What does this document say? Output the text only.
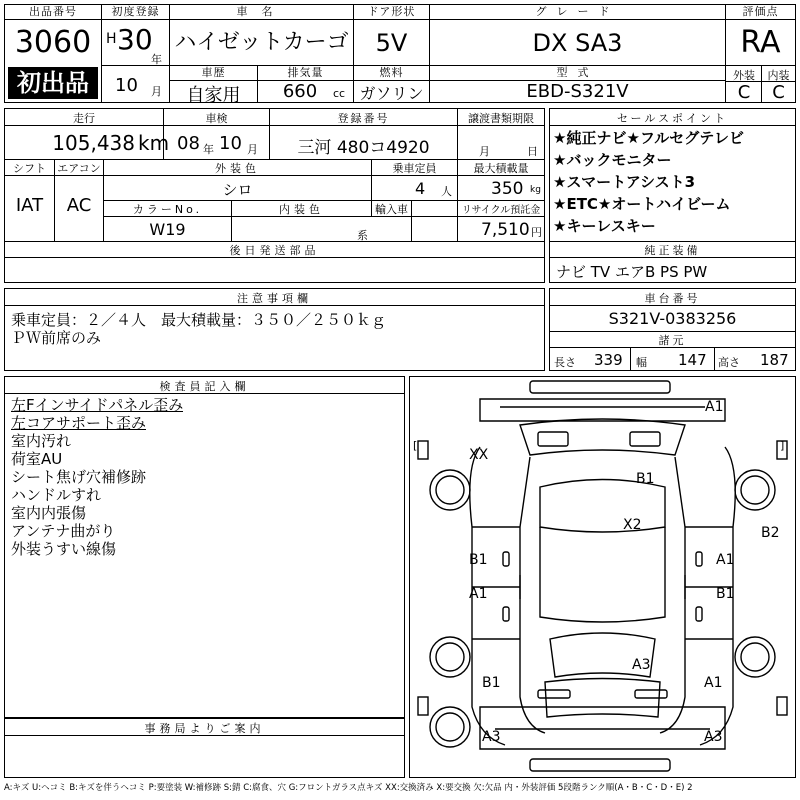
出品番号
3060
初出品
初度登録
H 30
年
10 月
車名
ハイゼットカーゴ
ドア形状
5V
グレード
DX SA3
評価点
RA
車歴
自家用
排気量
660	cc
燃料
ガソリン
型式
EBD-S321V
外装	内装
C	C
走行
105,438 km
車検
08 年 10 月
登録番号
三河 480コ4920
譲渡書類期限
月	日
シフト
IAT
エアコン
AC
外装色
シロ
乗車定員
4 人
最大積載量
350 kg
カラーNo.
W19
内装色
系
輸入車	リサイクル預託金
7,510 円
後日発送部品
セールスポイント
★純正ナビ★フルセグテレビ
★バックモニター
★スマートアシスト3
★ETC★オートハイビーム
★キーレスキー
純正装備
ナビ TV エアB PS PW
注意事項欄
乗車定員：２／４人　最大積載量：３５０／２５０ｋｇ
ＰＷ前席のみ
車台番号
S321V-0383256
諸元
長さ 339 幅 147 高さ 187
検査員記入欄
左Fインサイドパネル歪み
左コアサポート歪み
室内汚れ
荷室AU
シート焦げ穴補修跡
ハンドルすれ
室内内張傷
アンテナ曲がり
外装うすい線傷
事務局よりご案内
[	]
A1
XX
B1
X2	B2
B1	A1
A1	B1
A3
B1	A1
A3	A3
A:キズ U:ヘコミ B:キズを伴うヘコミ P:要塗装 W:補修跡 S:錆 C:腐食、穴 G:フロントガラス点キズ XX:交換済み X:要交換 欠:欠品 内・外装評価 5段階ランク順(A・B・C・D・E) 2
